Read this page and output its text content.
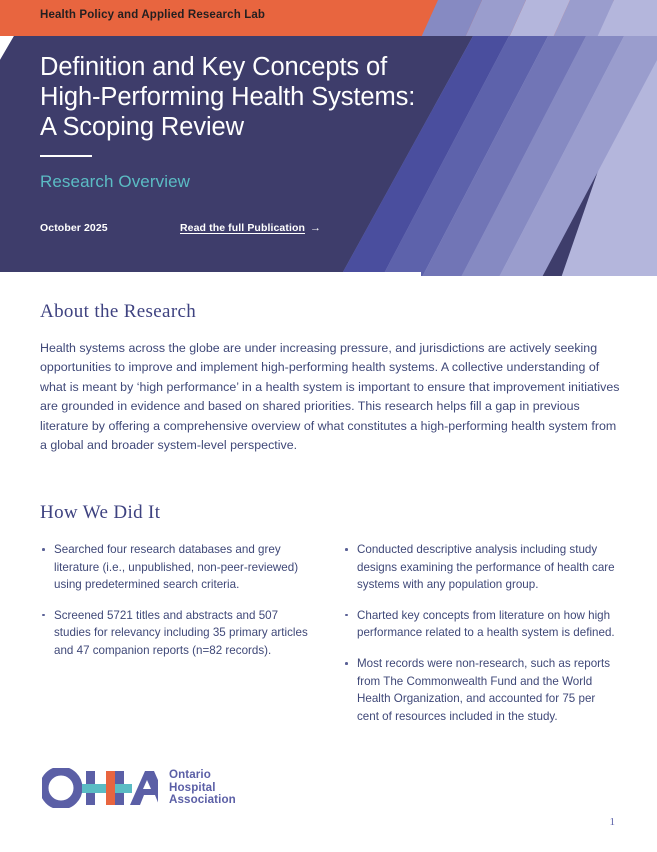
Health Policy and Applied Research Lab
Definition and Key Concepts of
High-Performing Health Systems:
A Scoping Review
Research Overview
October 2025	Read the full Publication →
About the Research

Health systems across the globe are under increasing pressure, and jurisdictions are actively seeking opportunities to improve and implement high-performing health systems. A collective understanding of what is meant by ‘high performance’ in a health system is important to ensure that improvement initiatives are grounded in evidence and based on shared priorities. This research helps fill a gap in previous literature by offering a comprehensive overview of what constitutes a high-performing health system from a global and broader system-level perspective.

How We Did It
Searched four research databases and grey literature (i.e., unpublished, non-peer-reviewed) using predetermined search criteria.
Screened 5721 titles and abstracts and 507 studies for relevancy including 35 primary articles and 47 companion reports (n=82 records).
Conducted descriptive analysis including study designs examining the performance of health care systems with any population group.
Charted key concepts from literature on how high performance related to a health system is defined.
Most records were non-research, such as reports from The Commonwealth Fund and the World Health Organization, and accounted for 75 per cent of resources included in the study.
Ontario
Hospital
Association
1
